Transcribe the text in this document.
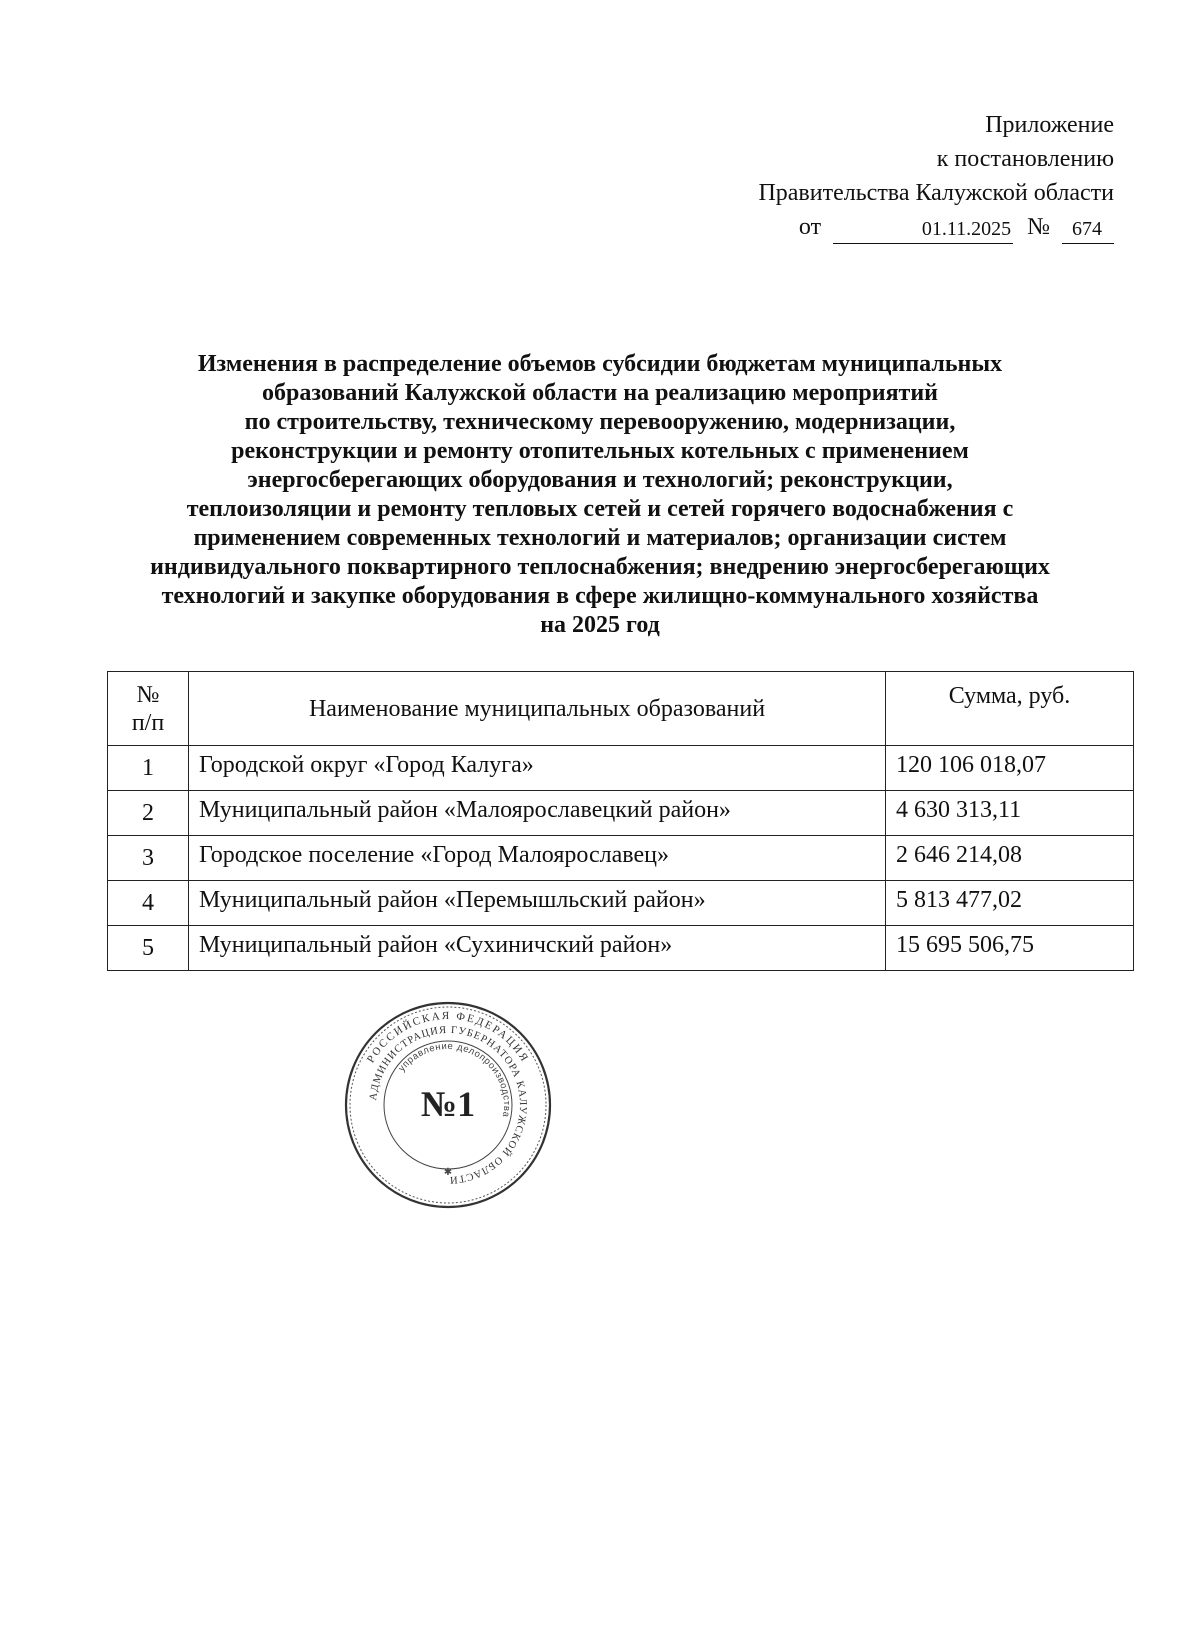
Приложение
к постановлению
Правительства Калужской области
от	01.11.2025 №	674
Изменения в распределение объемов субсидии бюджетам муниципальных
образований Калужской области на реализацию мероприятий
по строительству, техническому перевооружению, модернизации,
реконструкции и ремонту отопительных котельных с применением
энергосберегающих оборудования и технологий; реконструкции,
теплоизоляции и ремонту тепловых сетей и сетей горячего водоснабжения с
применением современных технологий и материалов; организации систем
индивидуального поквартирного теплоснабжения; внедрению энергосберегающих
технологий и закупке оборудования в сфере жилищно-коммунального хозяйства
на 2025 год
№
п/п	Наименование муниципальных образований	Сумма, руб.
1	Городской округ «Город Калуга»	120 106 018,07
2	Муниципальный район «Малоярославецкий район»	4 630 313,11
3	Городское поселение «Город Малоярославец»	2 646 214,08
4	Муниципальный район «Перемышльский район»	5 813 477,02
5	Муниципальный район «Сухиничский район»	15 695 506,75
РОССИЙСКАЯ ФЕДЕРАЦИЯ
АДМИНИСТРАЦИЯ ГУБЕРНАТОРА КАЛУЖСКОЙ ОБЛАСТИ
управление делопроизводства
№1
✱
